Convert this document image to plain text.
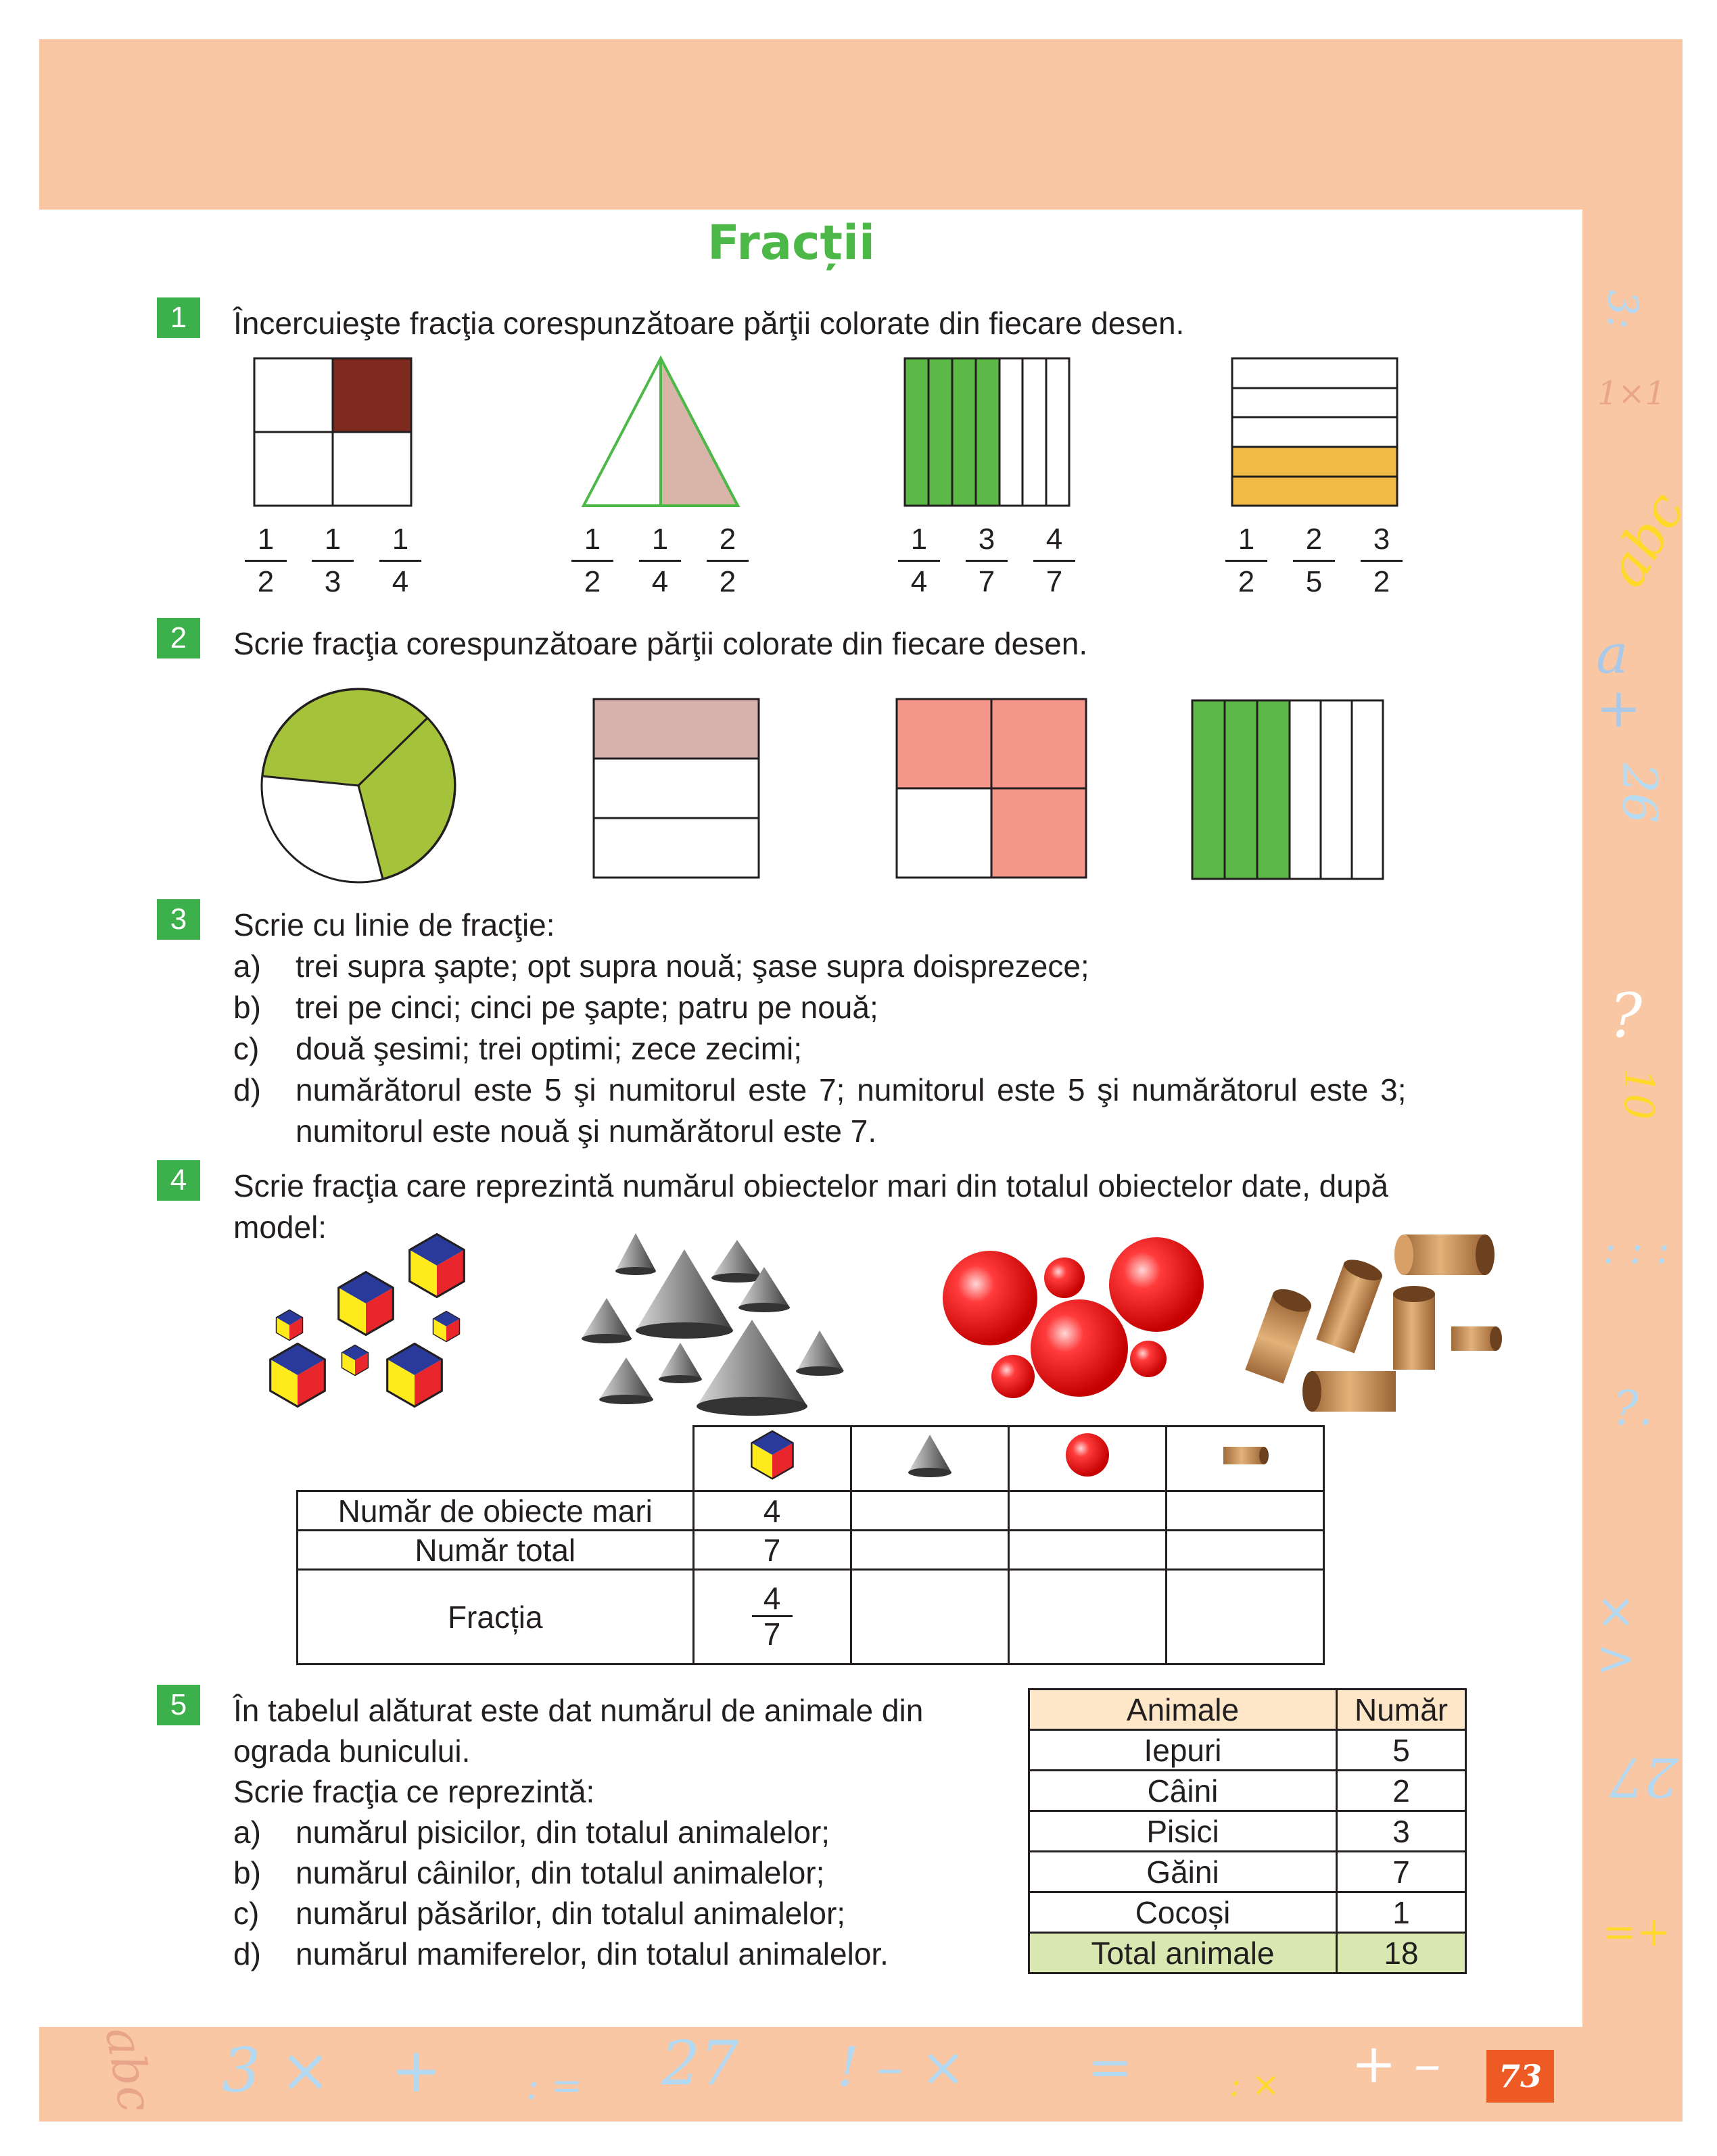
3:
1×1
abc
a +
26
?
10
: : :
?.
× >
27
=+
abc 3 × + : = 27 ! – × =	: × + –	73
Fracții
1	Încercuieşte fracţia corespunzătoare părţii colorate din fiecare desen.
$\frac{1}{2} \frac{1}{3} \frac{1}{4}$	$\frac{1}{2} \frac{1}{4} \frac{2}{2}$	$\frac{1}{4} \frac{3}{7} \frac{4}{7}$	$\frac{1}{2} \frac{2}{5} \frac{3}{2}$
2	Scrie fracţia corespunzătoare părţii colorate din fiecare desen.
3	Scrie cu linie de fracţie:
a) trei supra şapte; opt supra nouă; şase supra doisprezece;
b) trei pe cinci; cinci pe şapte; patru pe nouă;
c) două şesimi; trei optimi; zece zecimi;
d) numărătorul este 5 şi numitorul este 7; numitorul este 5 şi numărătorul este 3;
numitorul este nouă şi numărătorul este 7.
4	Scrie fracţia care reprezintă numărul obiectelor mari din totalul obiectelor date, după
model:

Număr de obiecte mari	4			
Număr total	7			
Fracția	$\frac{4}{7}$

5	În tabelul alăturat este dat numărul de animale din
ograda bunicului.
Scrie fracţia ce reprezintă:
a) numărul pisicilor, din totalul animalelor;
b) numărul câinilor, din totalul animalelor;
c) numărul păsărilor, din totalul animalelor;
d) numărul mamiferelor, din totalul animalelor.
Animale	Număr
Iepuri	5
Câini	2
Pisici	3
Găini	7
Cocoși	1
Total animale	18
